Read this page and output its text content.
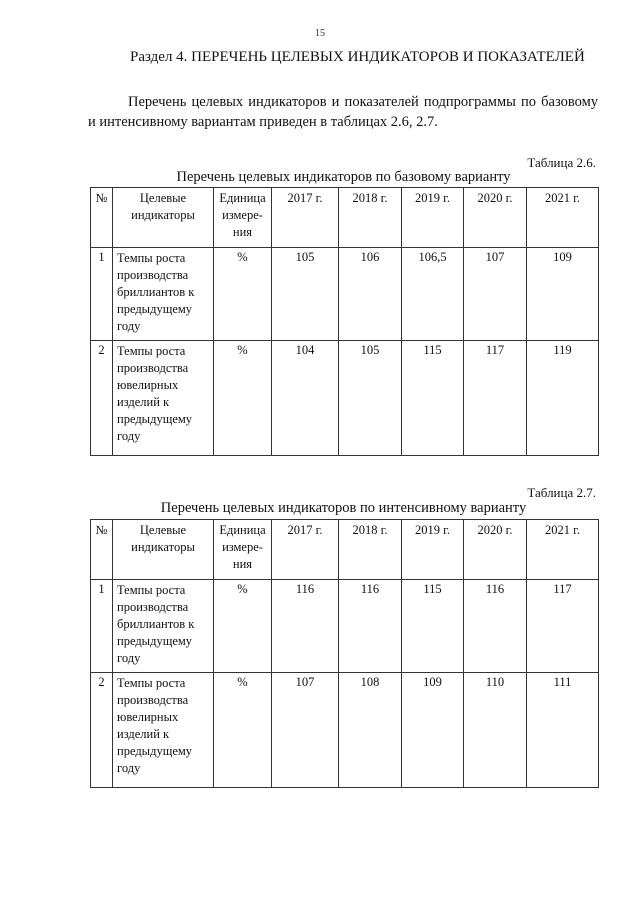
15
Раздел 4. ПЕРЕЧЕНЬ ЦЕЛЕВЫХ ИНДИКАТОРОВ И ПОКАЗАТЕЛЕЙ
Перечень целевых индикаторов и показателей подпрограммы по базовому и интенсивному вариантам приведен в таблицах 2.6, 2.7.
Таблица 2.6.
Перечень целевых индикаторов по базовому варианту
№	Целевые индикаторы	Единица измере-ния	2017 г.	2018 г.	2019 г.	2020 г.	2021 г.
1	Темпы роста производства бриллиантов к предыдущему году	%	105	106	106,5	107	109
2	Темпы роста производства ювелирных изделий к предыдущему году	%	104	105	115	117	119
Таблица 2.7.
Перечень целевых индикаторов по интенсивному варианту
№	Целевые индикаторы	Единица измере-ния	2017 г.	2018 г.	2019 г.	2020 г.	2021 г.
1	Темпы роста производства бриллиантов к предыдущему году	%	116	116	115	116	117
2	Темпы роста производства ювелирных изделий к предыдущему году	%	107	108	109	110	111
